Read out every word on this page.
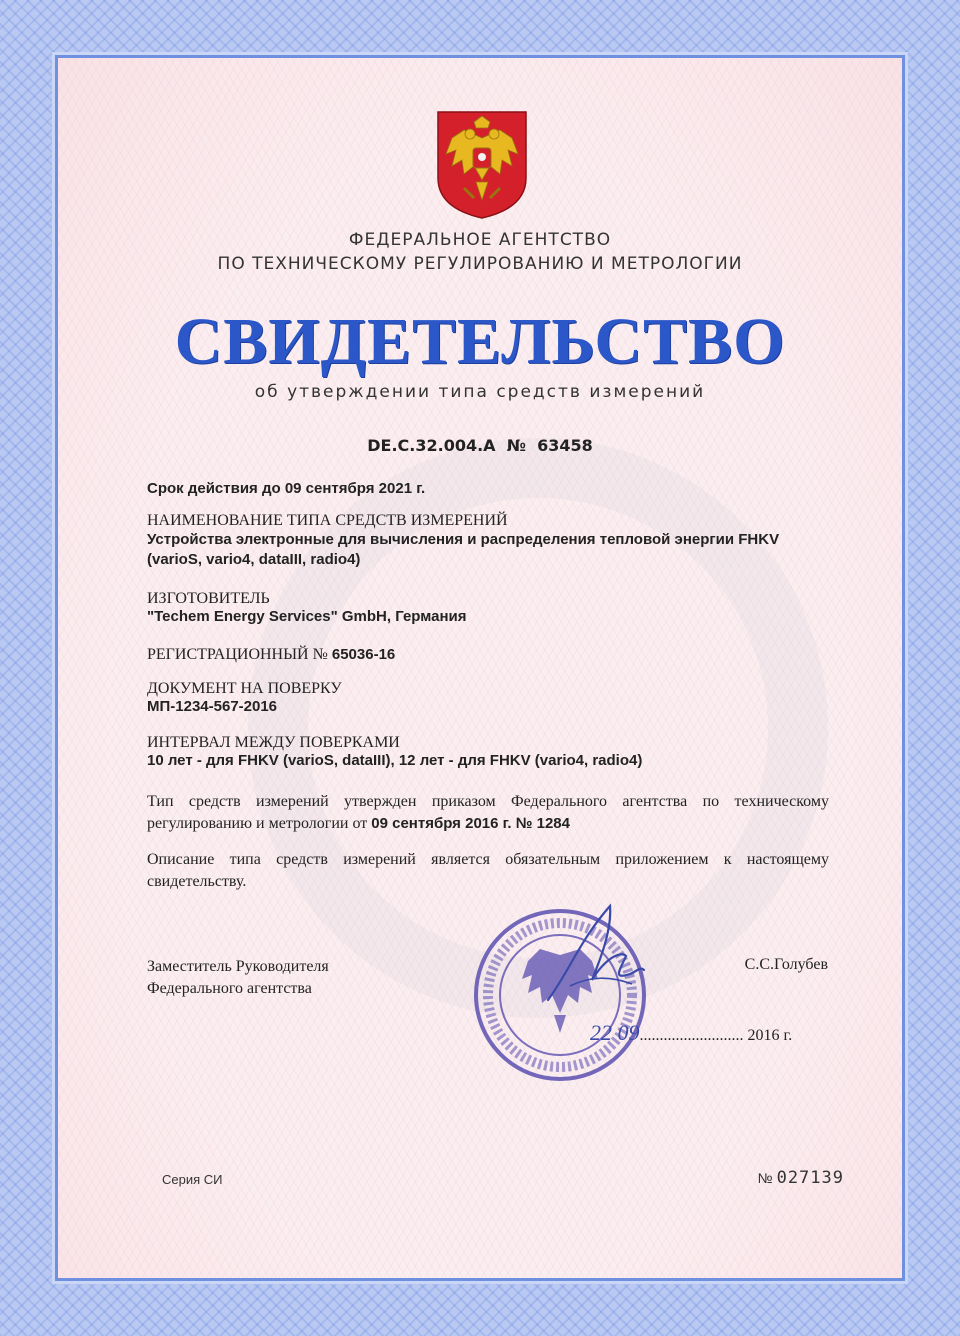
ФЕДЕРАЛЬНОЕ АГЕНТСТВО
ПО ТЕХНИЧЕСКОМУ РЕГУЛИРОВАНИЮ И МЕТРОЛОГИИ
СВИДЕТЕЛЬСТВО
об утверждении типа средств измерений
DE.C.32.004.A № 63458
Срок действия до 09 сентября 2021 г.
НАИМЕНОВАНИЕ ТИПА СРЕДСТВ ИЗМЕРЕНИЙ
Устройства электронные для вычисления и распределения тепловой энергии FHKV (varioS, vario4, dataIII, radio4)
ИЗГОТОВИТЕЛЬ
"Techem Energy Services" GmbH, Германия
РЕГИСТРАЦИОННЫЙ № 65036-16
ДОКУМЕНТ НА ПОВЕРКУ
МП-1234-567-2016
ИНТЕРВАЛ МЕЖДУ ПОВЕРКАМИ
10 лет - для FHKV (varioS, dataIII), 12 лет - для FHKV (vario4, radio4)
Тип средств измерений утвержден приказом Федерального агентства по техническому регулированию и метрологии от 09 сентября 2016 г. № 1284
Описание типа средств измерений является обязательным приложением к настоящему свидетельству.
Заместитель Руководителя
Федерального агентства
С.С.Голубев
22 09.......................... 2016 г.
Серия СИ	№ 027139
